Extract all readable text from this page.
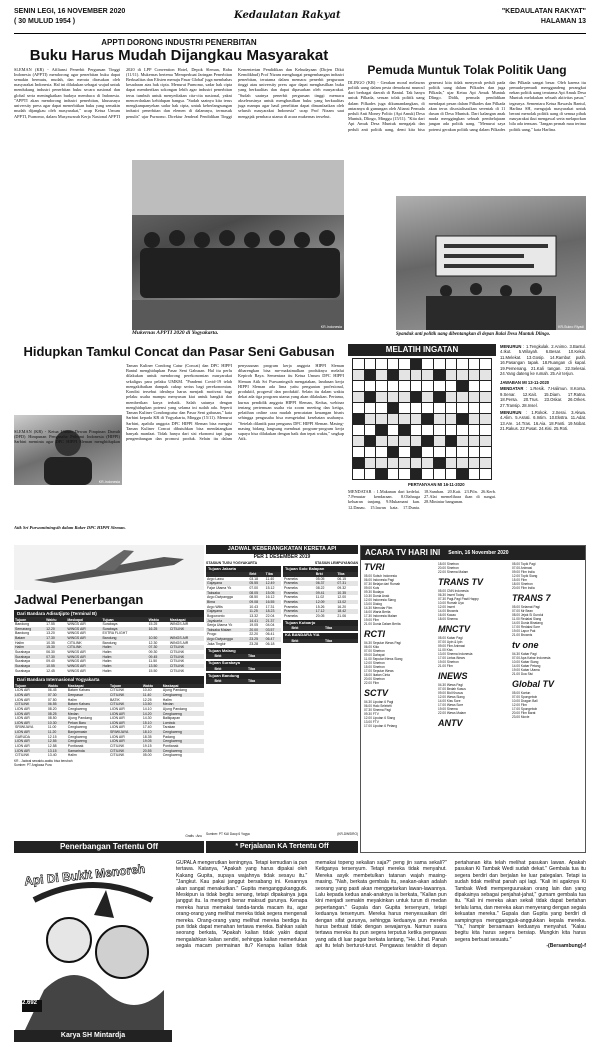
SENIN LEGI, 16 NOVEMBER 2020
( 30 MULUD 1954 )
Kedaulatan Rakyat	"KEDAULATAN RAKYAT"
HALAMAN 13
APPTI DORONG INDUSTRI PENERBITAN
Buku Harus Mudah Dijangkau Masyarakat
SLEMAN (KR) - Afiliansi Penerbit Perguruan Tinggi Indonesia (APPTI) mendorong agar penerbitan buku dapat semakin bermutu, mudah, dan merata dirasakan oleh masyarakat Indonesia. Hal ini dilakukan sebagai wujud untuk mendukung industri penerbitan buku secara nasional dan global serta meningkatkan budaya membaca di Indonesia. "APPTI akan mendorong industri penerbitan, khususnya university press agar dapat menerbitkan buku yang semakin mudah dijangkau oleh masyarakat," ucap Ketua Umum APPTI, Purnomo, dalam Musyawarah Kerja Nasional APPTI 2020 di LPP Convention Hotel, Depok Sleman, Rabu (11/11). Mukernas bertema 'Memperkuat Jaringan Penerbitan Berkualitas dan Efisien menuju Pasar Global' juga membahas kesadaran atas hak cipta. Menurut Purnomo, sadar hak cipta dapat memberikan sokongan lebih agar industri penerbitan terus tumbuh untuk menyediakan cita-cita nasional, yakni mencerdaskan kehidupan bangsa. "Sudah saatnya kita terus mengkampanyekan sadar hak cipta, untuk keberlangsungan industri penerbitan dan elemen di dalamnya, termasuk penulis" ujar Purnomo. Direktur Jenderal Pendidikan Tinggi Kementerian Pendidikan dan Kebudayaan (Dirjen Dikti Kemdikbud) Prof Nizam menghargai pengembangan industri penerbitan, terutama dalam memacu penerbit perguruan tinggi atau university press agar dapat menghasilkan buku yang berkualitas dan dapat dipasarkan oleh masyarakat. "Sudah saatnya penerbit perguruan tinggi memacu akselerasinya untuk menghasilkan buku yang berkualitas juga mampu agar hasil penelitian dapat dimanfaatkan oleh seluruh masyarakat Indonesia" ucap Prof Nizam saat mengajak pembaca utama di acara mukernas tersebut.
KR-Indonesia
Mukernas APPTI 2020 di Yogyakarta.
Pemuda Muntuk Tolak Politik Uang
DLINGO (KR) - Gerakan moral melawan politik uang dalam pesta demokrasi muncul dari berbagai daerah di Bantul. Tak hanya untuk Pilkada, seruan tolak politik uang dalam Pilkades juga dikumandangkan, di antaranya di gunungan oleh Aliansi Pemuda peduli Anti Money Politic (Api Amuk) Desa Muntuk, Dlingo, Minggu (15/11). "Kita dari Api Amuk Desa Muntuk mengajak dan peduli anti politik uang, demi kita bisa generasi kita tidak menyerah peduli pada politik uang dalam Pilkades dan juga Pilkada," ujar Ketua Api Amuk Muntuk Dlingo. Didik, pemuda pendidikan mendapat pesan dalam Pilkades dan Pilkada akan terus disosialisasikan serentak di 11 dusun di Desa Muntuk. Dari kalangan anak muda menggingkan sebuah pembelajaran jangan ada politik uang. "Menurut saya potensi gerakan politik uang dalam Pilkades dan Pilkada sangat besar. Oleh karena itu pemuda-pemudi menggandeng perangkat nekan politik uang terutama Api Amuk Desa Muntuk melakukan sebuah aktivitas pasar," tegasnya. Sementara Ketua Bawaslu Bantul, Harlina SH, mengajak masyarakat untuk berani menolak politik uang di semua pihak masyarakat ikut mengawal serta melaporkan bila ada temuan. "Jangan pernah mau terima politik uang," kata Harlina.
KR-Sukro Riyadi
Spanduk anti politik uang dibentangkan di depan Balai Desa Muntuk Dlingo.
Hidupkan Tamkul Concat dan Pasar Seni Gabusan
KR-Indonesia
SLEMAN (KR) - Ketua Umum Dewan Pimpinan Daerah (DPD) Himpunan Pengusaha Pribumi Indonesia (HIPPI) Sarbini meminta agar DPC HIPPI Sleman menghidupkan Taman Kuliner Condong Catur (Concat) dan DPC HIPPI Bantul menghidupkan Pasar Seni Gabusan. Hal itu perlu dilakukan untuk mendorong perekonomian masyarakat sekaligus para pelaku UMKM. "Pandemi Covid-19 telah mengakibatkan dampak cukup serius bagi perekonomian. Kondisi tersebut idealnya harus menjadi motivasi bagi pelaku usaha mampu menyusun kiat untuk bangkit dan memberikan karya terbaik. Salah satunya dengan menghidupkan potensi yang selama ini sudah ada. Seperti Taman Kuliner Condongcatur dan Pasar Seni gabusan," kata Sarbini kepada KR di Yogyakarta, Minggu (15/11). Menurut Sarbini, apabila anggota DPC HIPPI Sleman bisa mengisi Taman Kuliner Concat dibutuhkan bisa mendatangkan banyak manfaat. Tidak hanya dari sisi ekonomi tapi juga pengembangan dan promosi produk. Selain itu dalam penyusunan program kerja anggota HIPPI Sleman dibarengkan bisa me-maksimalkan produknya melalui Kepirob Raya. Sementara itu Ketua Umum DPC HIPPI Sleman Atik Sri Purwaningsih mengatakan, landasan kerja HIPPI Sleman ada lima yaitu penguatan profesional, produktif, progresif dan produktif. Selain itu dalam waktu dekat ada tiga program utama yang akan dilakukan. Pertama, kursus pendidik anggota HIPPI Sleman, Kedua, webinar tentang pertemuan usaha via zoom meeting dan ketiga, pelatihan online cara mudah pencatatan keuangan bisnis sehingga pengusaha bisa mengetahui kesehatan usahanya. "Setelah dilantik para pengurus DPC HIPPI Sleman. Masing-masing bidang langsung membuat program-program kerja supaya bisa dilakukan dengan baik dan tepat waktu," ungkap Atik.
Atik Sri Purwantiningsih dalam Raker DPC HIPPI Sleman.
MELATIH INGATAN

PERTANYAAN MI 16-11-2020
MENDATAR : 1.Makanan dari kedelai. 7.Pemutar kendaraan. 8.Olahraga keluaran tanjang. 9.Mukamani kan. 12.Danau. 15.lawan kata. 17.Dunia. 18.Samban. 20.Kait. 23.Piln. 26.Kerb. 27.Alat memelihara ikan di sungai. 28.Miniatur bangunan.
MENURUN : 1.Tengkulak. 2.Animo. 3.Bantul. 4.Ikut. 5.Wilayah. 6.Besar. 10.Kekal. 11.Melekat. 13.Gosip. 14.Rambut putih. 16.Pasangan tapak. 18.Ruangan di kapal. 19.Pemenang. 21.Kali tangan. 22.Selesai. 24.Yang dateng ke rumah. 25.Air terjun.
JAWABAN MI 13-11-2020
MENDATAR : 1.Resik. 7.Halimun. 8.Korsa. 9.Senar. 12.Kait. 15.Diam. 17.Ratna. 18.Persa. 20.Trus. 23.Oskar. 26.Orkes. 27.Transip. 28.Insel.
MENURUN : 1.Rokok. 2.Serai. 3.Akwa. 4.Alim. 5.Asrati. 6.Intim. 10.Ekstra. 11.Adat. 13.Are. 14.Tras. 16.Aia. 18.Panti. 19.Nobat. 21.Rakus. 22.Pusat. 24.Kisi. 25.Roti.
Jadwal Penerbangan
Dari Bandara Adisutjipto (Terminal B)
Tujuan	Waktu	Maskapai	Tujuan	Waktu	Maskapai
Bandung	17.55	WINGS AIR	Surabaya	15.25	WINGS AIR
Semarang	12.20	WINGS AIR	Surabaya	16.25	CITILINK
Bandung	13.20	WINGS AIR	EXTRA FLIGHT		
Batam	17.30	WINGS AIR	Bandung	10.50	WINGS AIR
Halim	10.35	CITILINK	Bandung	12.30	WINGS AIR
Halim	15.30	CITILINK	Halim	07.30	CITILINK
Surabaya	06.30	WINGS AIR	Halim	09.30	CITILINK
Surabaya	07.30	WINGS AIR	Halim	09.45	CITILINK
Surabaya	09.40	WINGS AIR	Halim	11.50	CITILINK
Surabaya	10.55	WINGS AIR	Halim	13.50	CITILINK
Surabaya	12.45	WINGS AIR	Halim	15.50	CITILINK
Dari Bandara Internasional Yogyakarta
Tujuan	Waktu	Maskapai	Tujuan	Waktu	Maskapai
LION AIR	06.45	Batam Kaharu	CITILINK	10.40	Ujung Pandang
LION AIR	07.30	Denpasar	CITILINK	11.40	Cengkareng
LION AIR	07.50	Halim	BATIK	12.25	Halim
CITILINK	06.55	Batam Kaharu	CITILINK	13.50	Medan
LION AIR	08.20	Cengkareng	LION AIR	14.10	Ujung Pandang
LION AIR	08.25	Medan	LION AIR	14.20	Cengkareng
LION AIR	08.50	Ujung Pandang	LION AIR	14.30	Balikpapan
LION AIR	10.30	Pekan Baru	LION AIR	15.10	Lombok
SRIWIJAYA	11.00	Cengkareng	LION AIR	17.40	Tarakan
LION AIR	11.20	Banjarmasin	SRIWIJAYA	18.10	Cengkareng
GARUDA	12.15	Cengkareng	LION AIR	18.35	Padang
LION AIR	12.55	Cengkareng	LION AIR	19.05	Cengkareng
LION AIR	12.58	Pontianak	CITILINK	19.15	Pontianak
LION AIR	13.15	Samarinda	CITILINK	20.55	Cengkareng
CITILINK	13.40	Halim	CITILINK	05.00	Cengkareng
KR - Jadwal sewaktu-waktu bisa berubah
Sumber: PT Angkasa Pura
Grafis : Anu
Penerbangan Tertentu Off
JADWAL KEBERANGKATAN KERETA API
PER 1 DESEMBER 2019
STASIUN TUGU YOGYAKARTA	STASIUN LEMPUYANGAN
Tujuan Jakarta
	Brkt	Tiba
Argo Lawu	03.18	11.40
Gajayana	05.55	12.49
Fajar Utama Yk	07.00	15.12
Taksaka	08.05	15.05
Argo Dwipangga	08.50	16.12
Bima	09.08	16.55
Argo Wilis	10.43	17.31
Gajayana	11.25	18.23
Bogowonto	13.32	22.04
Jayakarta	14.41	21.37
Senja Utama Yk	19.05	04.04
Taksaka Malam	20.00	03.57
Progo	22.20	06.41
Argo Dwipangga	23.25	06.47
Jaka Tingkir	23.28	06.18
Tujuan Malang
	Brkt	Tiba
Tujuan Surabaya
	Brkt	Tiba
Tujuan Bandung
	Brkt	Tiba
Tujuan Solo Balapan
	Brkt	Tiba
Prameks	05.05	06.15
Prameks	06.37	07.31
Prameks	08.22	09.32
Prameks	09.41	10.35
Prameks	11.02	12.00
Prameks	12.09	13.02
Prameks	15.26	16.20
Prameks	17.12	18.42
Prameks	20.05	21.06
Tujuan Kutoarjo
	Brkt	Tiba
KA BANDARA YIA
	Brkt	Tiba
Sumber: PT KAI Daop 6 Yogya	(KR-DWSIRO)
* Perjalanan KA Tertentu Off
ACARA TV HARI INI Senin, 16 November 2020
TVRI
05.00 Subuh Indonesia
06.00 Indonesia Pagi
07.30 Belajar dari Rumah
09.00 Kuis
09.30 Budaya
10.30 Dunia Anak
12.00 Indonesia Siang
13.00 Dialog
14.30 Memutar Film
16.00 Warta Berita
17.30 Indonesia Malam
19.00 Film
21.00 Dunia Dalam Berita
RCTI
04.30 Seputar iNews Pagi
06.00 Kiko
07.00 Sinetron
09.00 Dahsyat
11.00 Seputar iNews Siang
12.00 Sinetron
15.00 Sinetron
17.00 Seputar iNews
18.00 Ikatan Cinta
20.00 Sinetron
22.00 Film
SCTV
04.30 Liputan 6 Pagi
06.00 Halo Selebriti
07.30 Sinema Pagi
09.30 FTV
12.00 Liputan 6 Siang
13.00 FTV
17.00 Liputan 6 Petang
18.00 Sinetron
20.00 Sinetron
22.00 Sinema Malam
TRANS TV
05.00 CNN Indonesia
06.30 Insert Today
07.30 Pagi-Pagi Pasti Happy
10.00 Rumah Uya
12.00 Insert
14.00 Brownis
16.00 Kacau
18.00 Sinema
MNCTV
05.00 Kabar Pagi
07.00 Upin & Ipin
09.00 Film Animasi
11.00 Kiss
13.00 Sinema Indonesia
17.00 Lintas iNews
19.00 Sinetron
21.00 Film
INEWS
04.30 iNews Pagi
07.00 Bedah Kasus
09.00 Bid Khusus
12.00 iNews Siang
14.00 Kiss Sore
17.00 iNews Sore
19.00 Sinema
22.00 iNews Malam
ANTV
05.00 Topik Pagi
07.00 Animasi
09.00 Film India
12.00 Topik Siang
15.00 Film
18.00 Sinetron
20.00 Film India
TRANS 7
05.00 Selamat Pagi
07.00 Mr Bean
08.00 Jejak Si Gundul
11.00 Redaksi Siang
14.00 Dunia Binatang
17.00 Redaksi Sore
19.00 Lapor Pak
21.00 Brownis
tv one
04.30 Kabar Pagi
07.00 Apa Kabar Indonesia
10.00 Kabar Siang
14.00 Kabar Petang
19.00 Kabar Utama
21.00 Dua Sisi
Global TV
05.00 Kartun
07.00 Spongebob
10.00 Dragon Ball
12.00 Film
17.00 Spongebob
20.00 Film Barat
23.00 Movie
Api Di Bukit Menoreh
2.692
Karya SH Mintardja
GUPALA mengerutkan keningnya. Tetapi kemudian ia pun tertawa. Katanya, "Apakah yang harus dipakai oleh Kakang Gupita, supaya wajahnya tidak sesayu itu." "Jangkut. Kau pakai janggut bersabang ini. Kesannya akan sangat menakutkan." Gupita menganggukanggutk. Meskipun ia tidak begitu senang, tetapi dipakainya juga janggut itu. Ia mengerti benar maksud gurunya. Kenapa mereka harus memakai tanda-tanda macam itu, agar orang-orang yang melihat mereka tidak segera mengenali mereka. Orang-orang yang melihat mereka berdiga itu pun tidak dapat menahan tertawa mereka. Bahkan salah seorang berkata, "Apakah kalian tidak yakin dapat mengalahkan kalian sendiri, sehingga kalian memerlukan segala macam permainan itu? Kenapa kalian tidak memakai topeng sekalian saja?" peng jin sama sekali?" Ketiganya tersenyum. Tetapi mereka tidak menyahut. Mereka asyik membetulkan tatanan wajah masing-masing. "Nah, berkata gembala itu, seakan-akan adalah seorang yang pasti akan menggetarkan lawan-lawannya. Lalu kepada kedua anak-anaknya ia berkata, "Kalian pun kini menjadi semakin meyakinkan untuk turun di medan pepertangan." Gupala dan Gupita tersenyum, tetapi keduanya tersenyum. Mereka harus menyesuaikan diri dengan sifat gurunya, sehingga keduanya pun mereka harus berbuat tidak dengan sewajarnya. Namun suara tertawa mereka itu pun segera terputus ketika pengawas yang ada di luar pagar berkata lantang, "He. Lihat. Panah api itu telah berturut-turut. Pengawas terakhir di depan pertahanan kita telah melihat pasukan lawan. Apakah pasukan Ki Tambak Wedi sudah dekat." Gembala tua itu segera berdiri dan berjalan ke luar pategalan. Tetapi ia sudah tidak melihat panah api lagi. "Kali ini agaknya Ki Tambak Wedi memperguunakan orang lain dan yang dipakainya sebagai penjahat-jahat," gumam gembala tua itu. "Kali ini mereka akan sekali tidak dapat bertahan terlalu lama, dan mereka akan menyerang dengan segala kekuatan mereka." Gupala dan Gupita yang berdiri di sampingnya menggangguk-anggukkan kepala mereka. "Ya," hampir bersamaan keduanya menyahut. "Kalau begitu kita harus segera bersiap. Mungkin kita harus segera berbuat sesuatu."
-(Bersambung)-f
